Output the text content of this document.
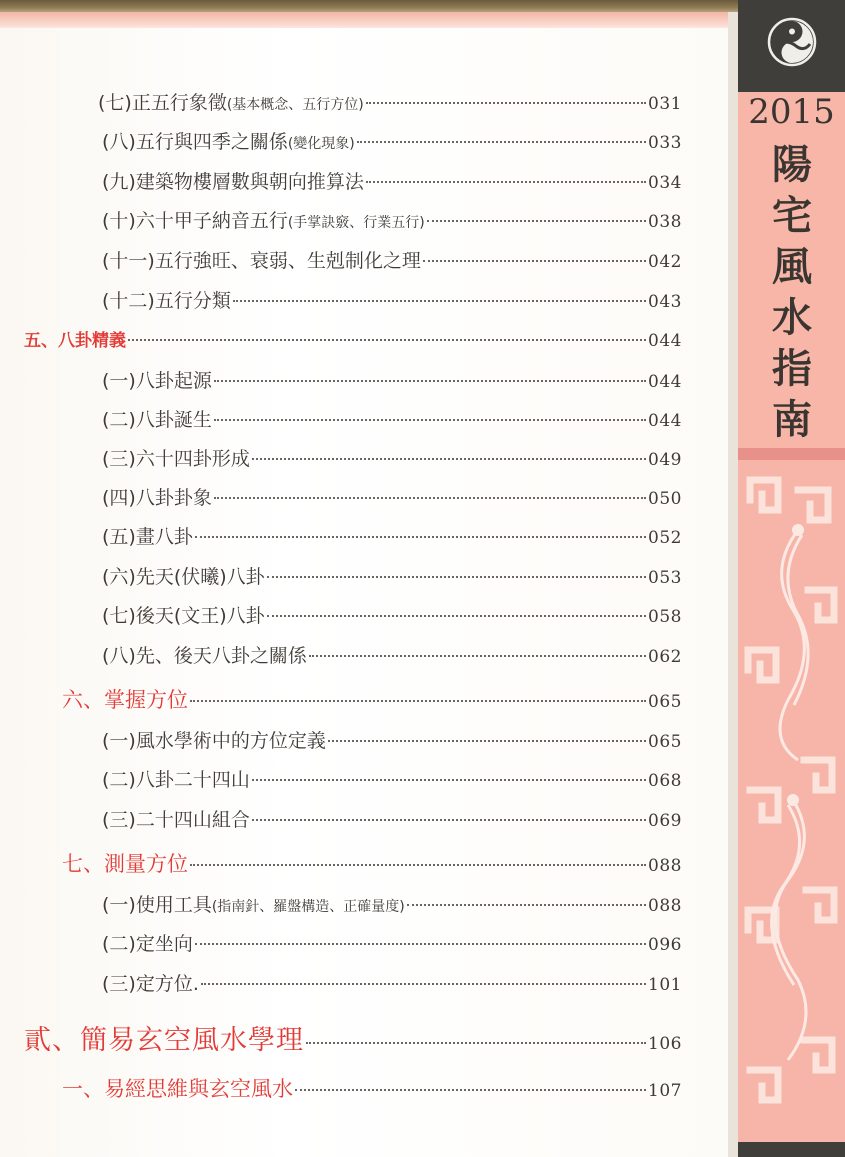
(七)正五行象徵 (基本概念、五行方位)	031
(八)五行與四季之關係 (變化現象)	033
(九)建築物樓層數與朝向推算法	034
(十)六十甲子納音五行 (手掌訣竅、行業五行)	038
(十一)五行強旺、衰弱、生剋制化之理	042
(十二)五行分類	043
五、八卦精義	044
(一)八卦起源	044
(二)八卦誕生	044
(三)六十四卦形成	049
(四)八卦卦象	050
(五)畫八卦	052
(六)先天(伏曦)八卦	053
(七)後天(文王)八卦	058
(八)先、後天八卦之關係	062
六、掌握方位	065
(一)風水學術中的方位定義	065
(二)八卦二十四山	068
(三)二十四山組合	069
七、測量方位	088
(一)使用工具 (指南針、羅盤構造、正確量度)	088
(二)定坐向	096
(三)定方位.	101
貳、簡易玄空風水學理	106
一、易經思維與玄空風水	107
2015
陽
宅
風
水
指
南
